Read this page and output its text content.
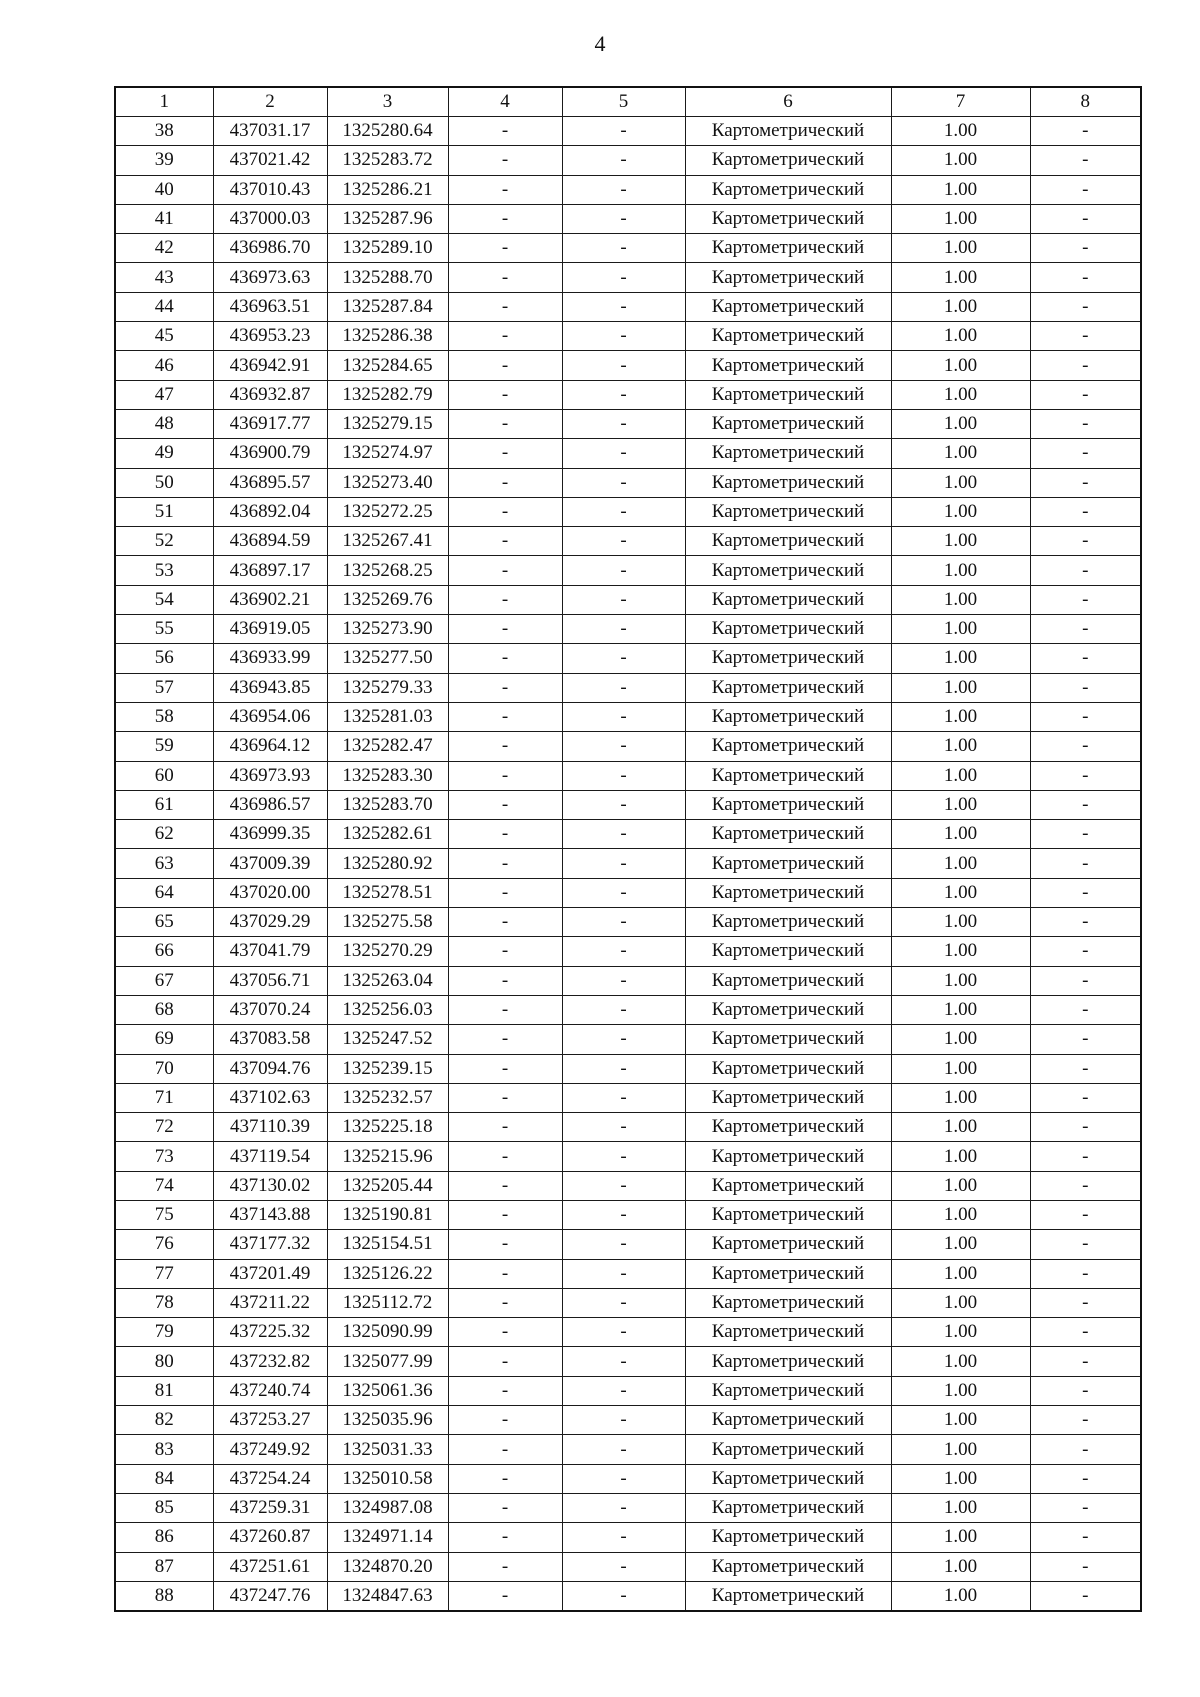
4
1	2	3	4	5	6	7	8
38	437031.17	1325280.64	-	-	Картометрический	1.00	-
39	437021.42	1325283.72	-	-	Картометрический	1.00	-
40	437010.43	1325286.21	-	-	Картометрический	1.00	-
41	437000.03	1325287.96	-	-	Картометрический	1.00	-
42	436986.70	1325289.10	-	-	Картометрический	1.00	-
43	436973.63	1325288.70	-	-	Картометрический	1.00	-
44	436963.51	1325287.84	-	-	Картометрический	1.00	-
45	436953.23	1325286.38	-	-	Картометрический	1.00	-
46	436942.91	1325284.65	-	-	Картометрический	1.00	-
47	436932.87	1325282.79	-	-	Картометрический	1.00	-
48	436917.77	1325279.15	-	-	Картометрический	1.00	-
49	436900.79	1325274.97	-	-	Картометрический	1.00	-
50	436895.57	1325273.40	-	-	Картометрический	1.00	-
51	436892.04	1325272.25	-	-	Картометрический	1.00	-
52	436894.59	1325267.41	-	-	Картометрический	1.00	-
53	436897.17	1325268.25	-	-	Картометрический	1.00	-
54	436902.21	1325269.76	-	-	Картометрический	1.00	-
55	436919.05	1325273.90	-	-	Картометрический	1.00	-
56	436933.99	1325277.50	-	-	Картометрический	1.00	-
57	436943.85	1325279.33	-	-	Картометрический	1.00	-
58	436954.06	1325281.03	-	-	Картометрический	1.00	-
59	436964.12	1325282.47	-	-	Картометрический	1.00	-
60	436973.93	1325283.30	-	-	Картометрический	1.00	-
61	436986.57	1325283.70	-	-	Картометрический	1.00	-
62	436999.35	1325282.61	-	-	Картометрический	1.00	-
63	437009.39	1325280.92	-	-	Картометрический	1.00	-
64	437020.00	1325278.51	-	-	Картометрический	1.00	-
65	437029.29	1325275.58	-	-	Картометрический	1.00	-
66	437041.79	1325270.29	-	-	Картометрический	1.00	-
67	437056.71	1325263.04	-	-	Картометрический	1.00	-
68	437070.24	1325256.03	-	-	Картометрический	1.00	-
69	437083.58	1325247.52	-	-	Картометрический	1.00	-
70	437094.76	1325239.15	-	-	Картометрический	1.00	-
71	437102.63	1325232.57	-	-	Картометрический	1.00	-
72	437110.39	1325225.18	-	-	Картометрический	1.00	-
73	437119.54	1325215.96	-	-	Картометрический	1.00	-
74	437130.02	1325205.44	-	-	Картометрический	1.00	-
75	437143.88	1325190.81	-	-	Картометрический	1.00	-
76	437177.32	1325154.51	-	-	Картометрический	1.00	-
77	437201.49	1325126.22	-	-	Картометрический	1.00	-
78	437211.22	1325112.72	-	-	Картометрический	1.00	-
79	437225.32	1325090.99	-	-	Картометрический	1.00	-
80	437232.82	1325077.99	-	-	Картометрический	1.00	-
81	437240.74	1325061.36	-	-	Картометрический	1.00	-
82	437253.27	1325035.96	-	-	Картометрический	1.00	-
83	437249.92	1325031.33	-	-	Картометрический	1.00	-
84	437254.24	1325010.58	-	-	Картометрический	1.00	-
85	437259.31	1324987.08	-	-	Картометрический	1.00	-
86	437260.87	1324971.14	-	-	Картометрический	1.00	-
87	437251.61	1324870.20	-	-	Картометрический	1.00	-
88	437247.76	1324847.63	-	-	Картометрический	1.00	-
